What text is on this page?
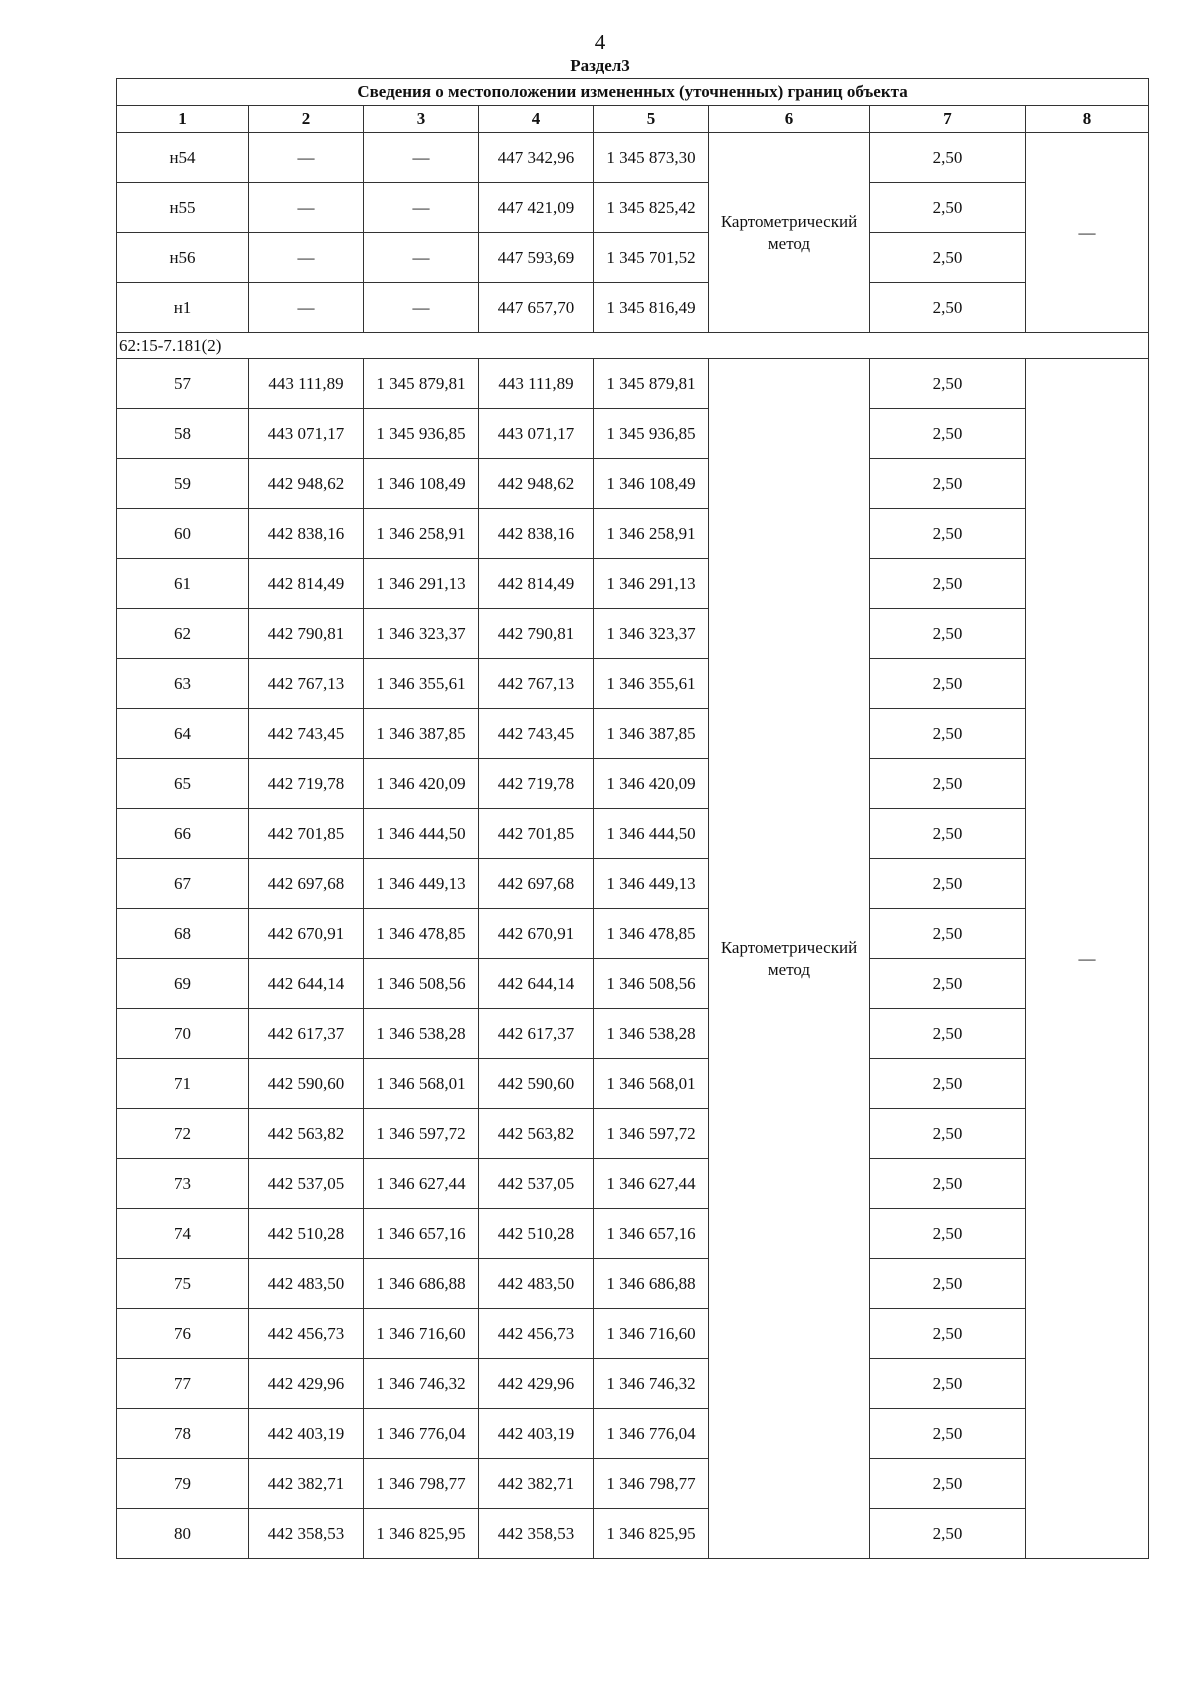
4
Раздел3
Сведения о местоположении измененных (уточненных) границ объекта							
1	2	3	4	5	6	7	8
н54	—	—	447 342,96	1 345 873,30	Картометрический метод	2,50	—
н55	—	—	447 421,09	1 345 825,42		2,50	
н56	—	—	447 593,69	1 345 701,52		2,50	
н1	—	—	447 657,70	1 345 816,49		2,50	
62:15-7.181(2)							
57	443 111,89	1 345 879,81	443 111,89	1 345 879,81	Картометрический метод	2,50	—
58	443 071,17	1 345 936,85	443 071,17	1 345 936,85		2,50	
59	442 948,62	1 346 108,49	442 948,62	1 346 108,49		2,50	
60	442 838,16	1 346 258,91	442 838,16	1 346 258,91		2,50	
61	442 814,49	1 346 291,13	442 814,49	1 346 291,13		2,50	
62	442 790,81	1 346 323,37	442 790,81	1 346 323,37		2,50	
63	442 767,13	1 346 355,61	442 767,13	1 346 355,61		2,50	
64	442 743,45	1 346 387,85	442 743,45	1 346 387,85		2,50	
65	442 719,78	1 346 420,09	442 719,78	1 346 420,09		2,50	
66	442 701,85	1 346 444,50	442 701,85	1 346 444,50		2,50	
67	442 697,68	1 346 449,13	442 697,68	1 346 449,13		2,50	
68	442 670,91	1 346 478,85	442 670,91	1 346 478,85		2,50	
69	442 644,14	1 346 508,56	442 644,14	1 346 508,56		2,50	
70	442 617,37	1 346 538,28	442 617,37	1 346 538,28		2,50	
71	442 590,60	1 346 568,01	442 590,60	1 346 568,01		2,50	
72	442 563,82	1 346 597,72	442 563,82	1 346 597,72		2,50	
73	442 537,05	1 346 627,44	442 537,05	1 346 627,44		2,50	
74	442 510,28	1 346 657,16	442 510,28	1 346 657,16		2,50	
75	442 483,50	1 346 686,88	442 483,50	1 346 686,88		2,50	
76	442 456,73	1 346 716,60	442 456,73	1 346 716,60		2,50	
77	442 429,96	1 346 746,32	442 429,96	1 346 746,32		2,50	
78	442 403,19	1 346 776,04	442 403,19	1 346 776,04		2,50	
79	442 382,71	1 346 798,77	442 382,71	1 346 798,77		2,50	
80	442 358,53	1 346 825,95	442 358,53	1 346 825,95		2,50	
